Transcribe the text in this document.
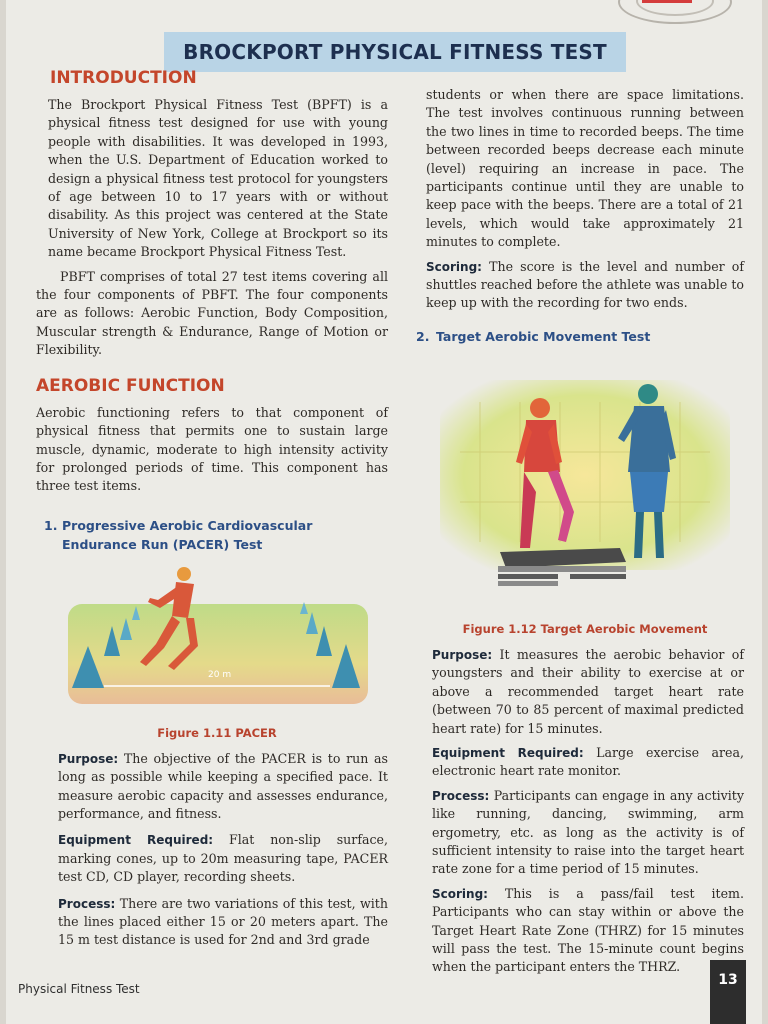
BROCKPORT PHYSICAL FITNESS TEST
INTRODUCTION

The Brockport Physical Fitness Test (BPFT) is a physical fitness test designed for use with young people with disabilities. It was developed in 1993, when the U.S. Department of Education worked to design a physical fitness test protocol for youngsters of age between 10 to 17 years with or without disability. As this project was centered at the State University of New York, College at Brockport so its name became Brockport Physical Fitness Test.

PBFT comprises of total 27 test items covering all the four components of PBFT. The four components are as follows: Aerobic Function, Body Composition, Muscular strength & Endurance, Range of Motion or Flexibility.

AEROBIC FUNCTION

Aerobic functioning refers to that component of physical fitness that permits one to sustain large muscle, dynamic, moderate to high intensity activity for prolonged periods of time. This component has three test items.

1. Progressive Aerobic Cardiovascular Endurance Run (PACER) Test
20 m
Figure 1.11 PACER

Purpose: The objective of the PACER is to run as long as possible while keeping a specified pace. It measure aerobic capacity and assesses endurance, performance, and fitness.

Equipment Required: Flat non-slip surface, marking cones, up to 20m measuring tape, PACER test CD, CD player, recording sheets.

Process: There are two variations of this test, with the lines placed either 15 or 20 meters apart. The 15 m test distance is used for 2nd and 3rd grade

students or when there are space limitations. The test involves continuous running between the two lines in time to recorded beeps. The time between recorded beeps decrease each minute (level) requiring an increase in pace. The participants continue until they are unable to keep pace with the beeps. There are a total of 21 levels, which would take approximately 21 minutes to complete.

Scoring: The score is the level and number of shuttles reached before the athlete was unable to keep up with the recording for two ends.

2. Target Aerobic Movement Test
Figure 1.12 Target Aerobic Movement

Purpose: It measures the aerobic behavior of youngsters and their ability to exercise at or above a recommended target heart rate (between 70 to 85 percent of maximal predicted heart rate) for 15 minutes.

Equipment Required: Large exercise area, electronic heart rate monitor.

Process: Participants can engage in any activity like running, dancing, swimming, arm ergometry, etc. as long as the activity is of sufficient intensity to raise into the target heart rate zone for a time period of 15 minutes.

Scoring: This is a pass/fail test item. Participants who can stay within or above the Target Heart Rate Zone (THRZ) for 15 minutes will pass the test. The 15-minute count begins when the participant enters the THRZ.

Physical Fitness Test
13
